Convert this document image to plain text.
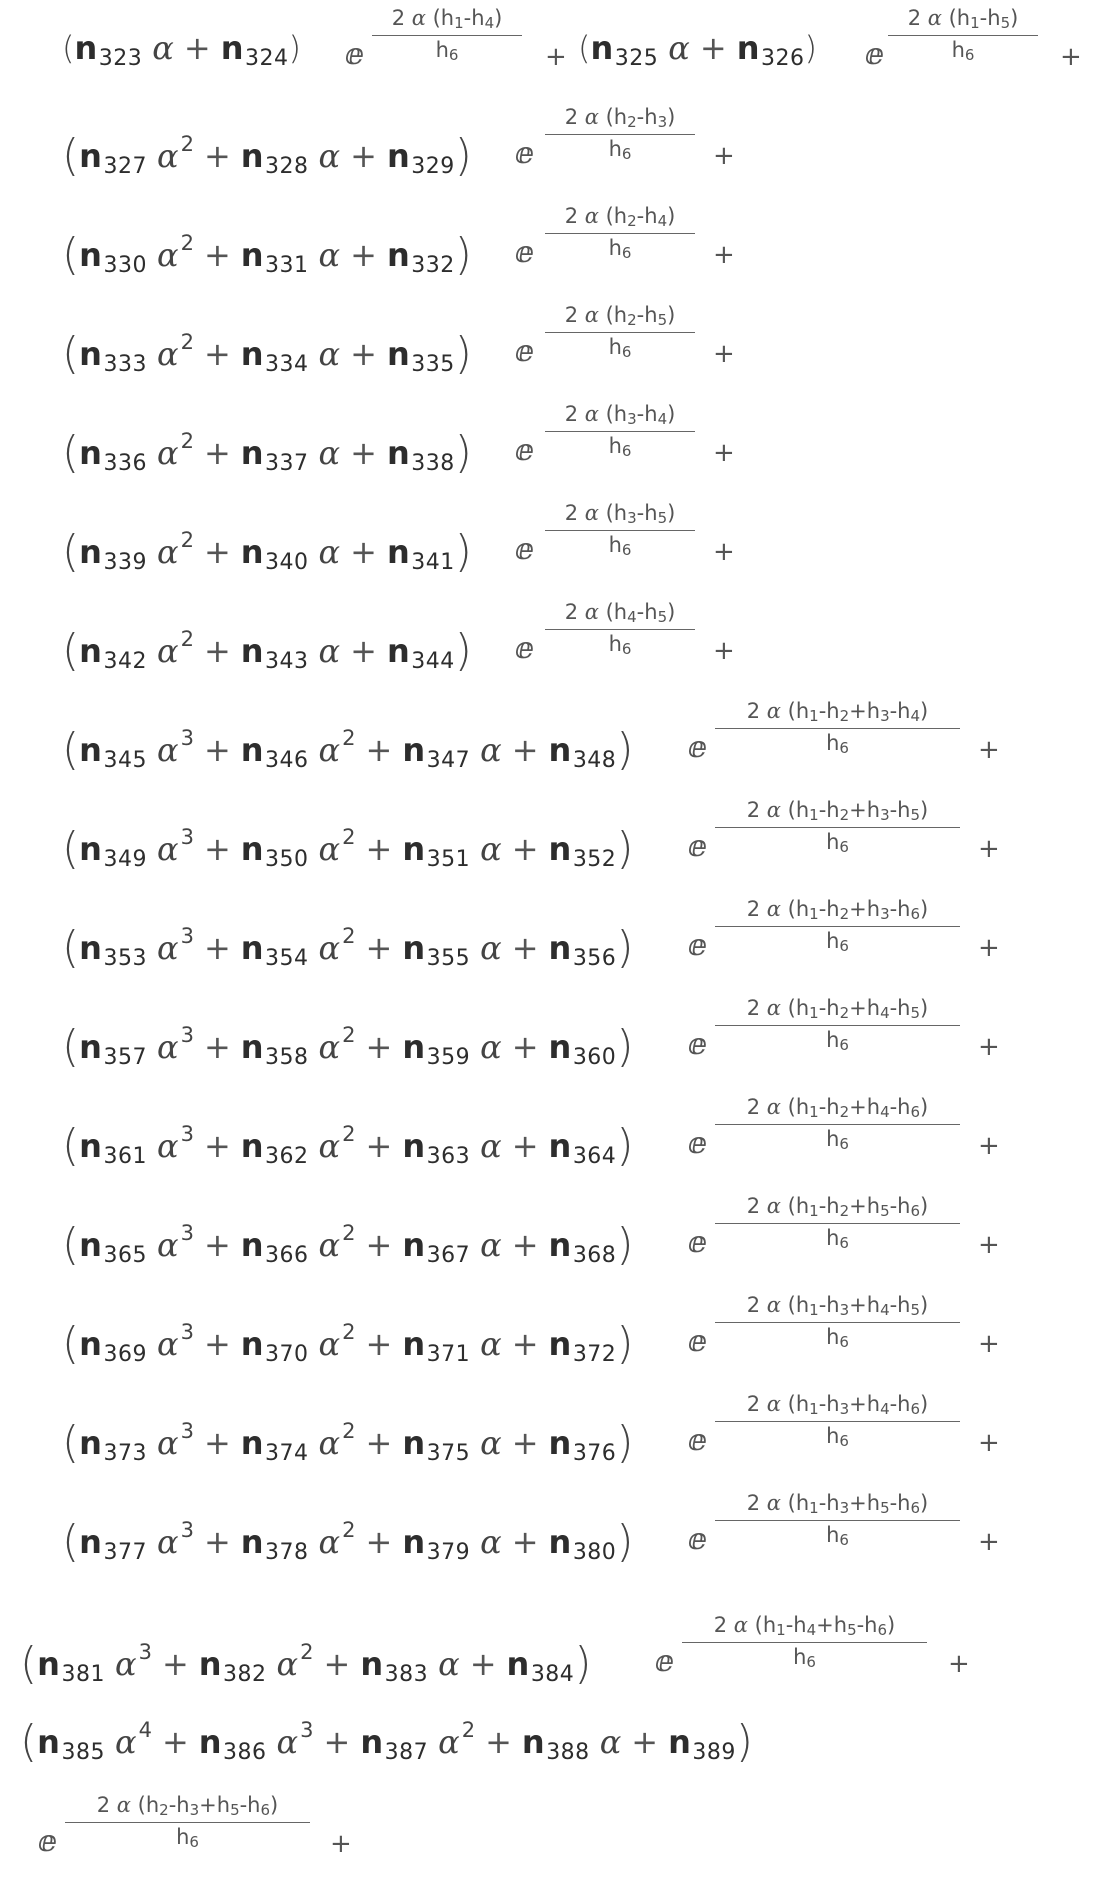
($n_{323}$ $\alpha + n_{324}$) ⅇ
2 α $(h_1-h_4)$
$h_6$	+ ($n_{325}$ $\alpha + n_{326}$) ⅇ
2 α $(h_1-h_5)$
$h_6$	+
($n_{327}$ $\alpha^2 + n_{328}$ $\alpha + n_{329}$) ⅇ
2 α $(h_2-h_3)$
$h_6$	+
($n_{330}$ $\alpha^2 + n_{331}$ $\alpha + n_{332}$) ⅇ
2 α $(h_2-h_4)$
$h_6$	+
($n_{333}$ $\alpha^2 + n_{334}$ $\alpha + n_{335}$) ⅇ
2 α $(h_2-h_5)$
$h_6$	+
($n_{336}$ $\alpha^2 + n_{337}$ $\alpha + n_{338}$) ⅇ
2 α $(h_3-h_4)$
$h_6$	+
($n_{339}$ $\alpha^2 + n_{340}$ $\alpha + n_{341}$) ⅇ
2 α $(h_3-h_5)$
$h_6$	+
($n_{342}$ $\alpha^2 + n_{343}$ $\alpha + n_{344}$) ⅇ
2 α $(h_4-h_5)$
$h_6$	+
($n_{345}$ $\alpha^3 + n_{346}$ $\alpha^2 + n_{347}$ $\alpha + n_{348}$) ⅇ
2 α $(h_1-h_2+h_3-h_4)$
$h_6$	+
($n_{349}$ $\alpha^3 + n_{350}$ $\alpha^2 + n_{351}$ $\alpha + n_{352}$) ⅇ
2 α $(h_1-h_2+h_3-h_5)$
$h_6$	+
($n_{353}$ $\alpha^3 + n_{354}$ $\alpha^2 + n_{355}$ $\alpha + n_{356}$) ⅇ
2 α $(h_1-h_2+h_3-h_6)$
$h_6$	+
($n_{357}$ $\alpha^3 + n_{358}$ $\alpha^2 + n_{359}$ $\alpha + n_{360}$) ⅇ
2 α $(h_1-h_2+h_4-h_5)$
$h_6$	+
($n_{361}$ $\alpha^3 + n_{362}$ $\alpha^2 + n_{363}$ $\alpha + n_{364}$) ⅇ
2 α $(h_1-h_2+h_4-h_6)$
$h_6$	+
($n_{365}$ $\alpha^3 + n_{366}$ $\alpha^2 + n_{367}$ $\alpha + n_{368}$) ⅇ
2 α $(h_1-h_2+h_5-h_6)$
$h_6$	+
($n_{369}$ $\alpha^3 + n_{370}$ $\alpha^2 + n_{371}$ $\alpha + n_{372}$) ⅇ
2 α $(h_1-h_3+h_4-h_5)$
$h_6$	+
($n_{373}$ $\alpha^3 + n_{374}$ $\alpha^2 + n_{375}$ $\alpha + n_{376}$) ⅇ
2 α $(h_1-h_3+h_4-h_6)$
$h_6$	+
($n_{377}$ $\alpha^3 + n_{378}$ $\alpha^2 + n_{379}$ $\alpha + n_{380}$) ⅇ
2 α $(h_1-h_3+h_5-h_6)$
$h_6$	+
($n_{381}$ $\alpha^3 + n_{382}$ $\alpha^2 + n_{383}$ $\alpha + n_{384}$) ⅇ
2 α $(h_1-h_4+h_5-h_6)$
$h_6$	+
($n_{385}$ $\alpha^4 + n_{386}$ $\alpha^3 + n_{387}$ $\alpha^2 + n_{388}$ $\alpha + n_{389}$)
ⅇ
2 α $(h_2-h_3+h_5-h_6)$
$h_6$	+
